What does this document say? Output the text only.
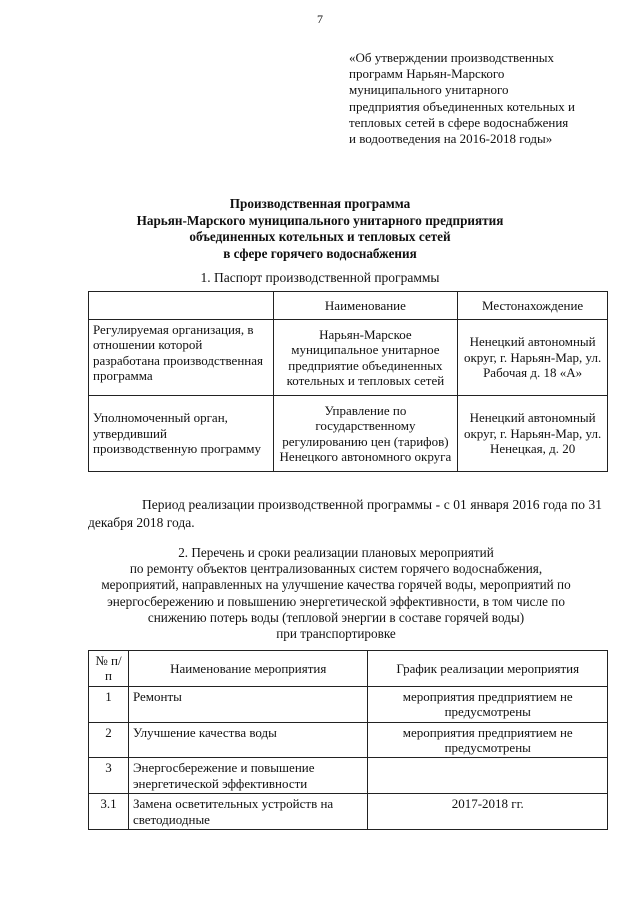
7
«Об утверждении производственных
программ Нарьян-Марского
муниципального унитарного
предприятия объединенных котельных и
тепловых сетей в сфере водоснабжения
и водоотведения на 2016-2018 годы»
Производственная программа
Нарьян-Марского муниципального унитарного предприятия
объединенных котельных и тепловых сетей
в сфере горячего водоснабжения
1. Паспорт производственной программы
	Наименование	Местонахождение
Регулируемая организация, в отношении которой разработана производственная программа	Нарьян-Марское муниципальное унитарное предприятие объединенных котельных и тепловых сетей	Ненецкий автономный округ, г. Нарьян-Мар, ул. Рабочая д. 18 «А»
Уполномоченный орган, утвердивший производственную программу	Управление по государственному регулированию цен (тарифов) Ненецкого автономного округа	Ненецкий автономный округ, г. Нарьян-Мар, ул. Ненецкая, д. 20
Период реализации производственной программы - с 01 января 2016 года по 31 декабря 2018 года.
2. Перечень и сроки реализации плановых мероприятий
по ремонту объектов централизованных систем горячего водоснабжения,
мероприятий, направленных на улучшение качества горячей воды, мероприятий по
энергосбережению и повышению энергетической эффективности, в том числе по
снижению потерь воды (тепловой энергии в составе горячей воды)
при транспортировке
№ п/п	Наименование мероприятия	График реализации мероприятия
1	Ремонты	мероприятия предприятием не предусмотрены
2	Улучшение качества воды	мероприятия предприятием не предусмотрены
3	Энергосбережение и повышение энергетической эффективности	
3.1	Замена осветительных устройств на светодиодные	2017-2018 гг.
